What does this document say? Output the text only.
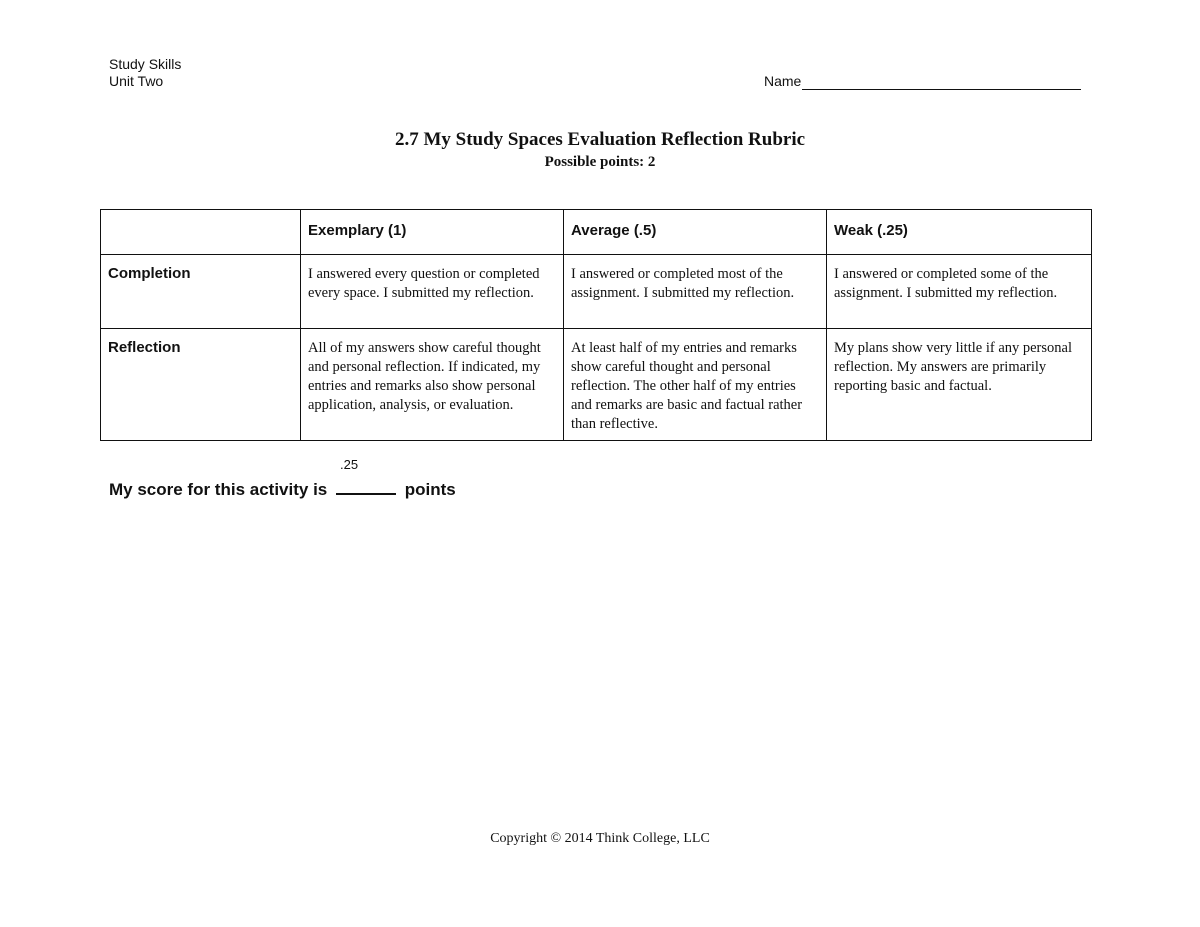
Study Skills
Unit Two	Name
2.7 My Study Spaces Evaluation Reflection Rubric
Possible points: 2
	Exemplary (1)	Average (.5)	Weak (.25)
Completion	I answered every question or completed every space. I submitted my reflection.	I answered or completed most of the assignment. I submitted my reflection.	I answered or completed some of the assignment. I submitted my reflection.
Reflection	All of my answers show careful thought and personal reflection. If indicated, my entries and remarks also show personal application, analysis, or evaluation.	At least half of my entries and remarks show careful thought and personal reflection. The other half of my entries and remarks are basic and factual rather than reflective.	My plans show very little if any personal reflection. My answers are primarily reporting basic and factual.
My score for this activity is
.25
points
Copyright © 2014 Think College, LLC
